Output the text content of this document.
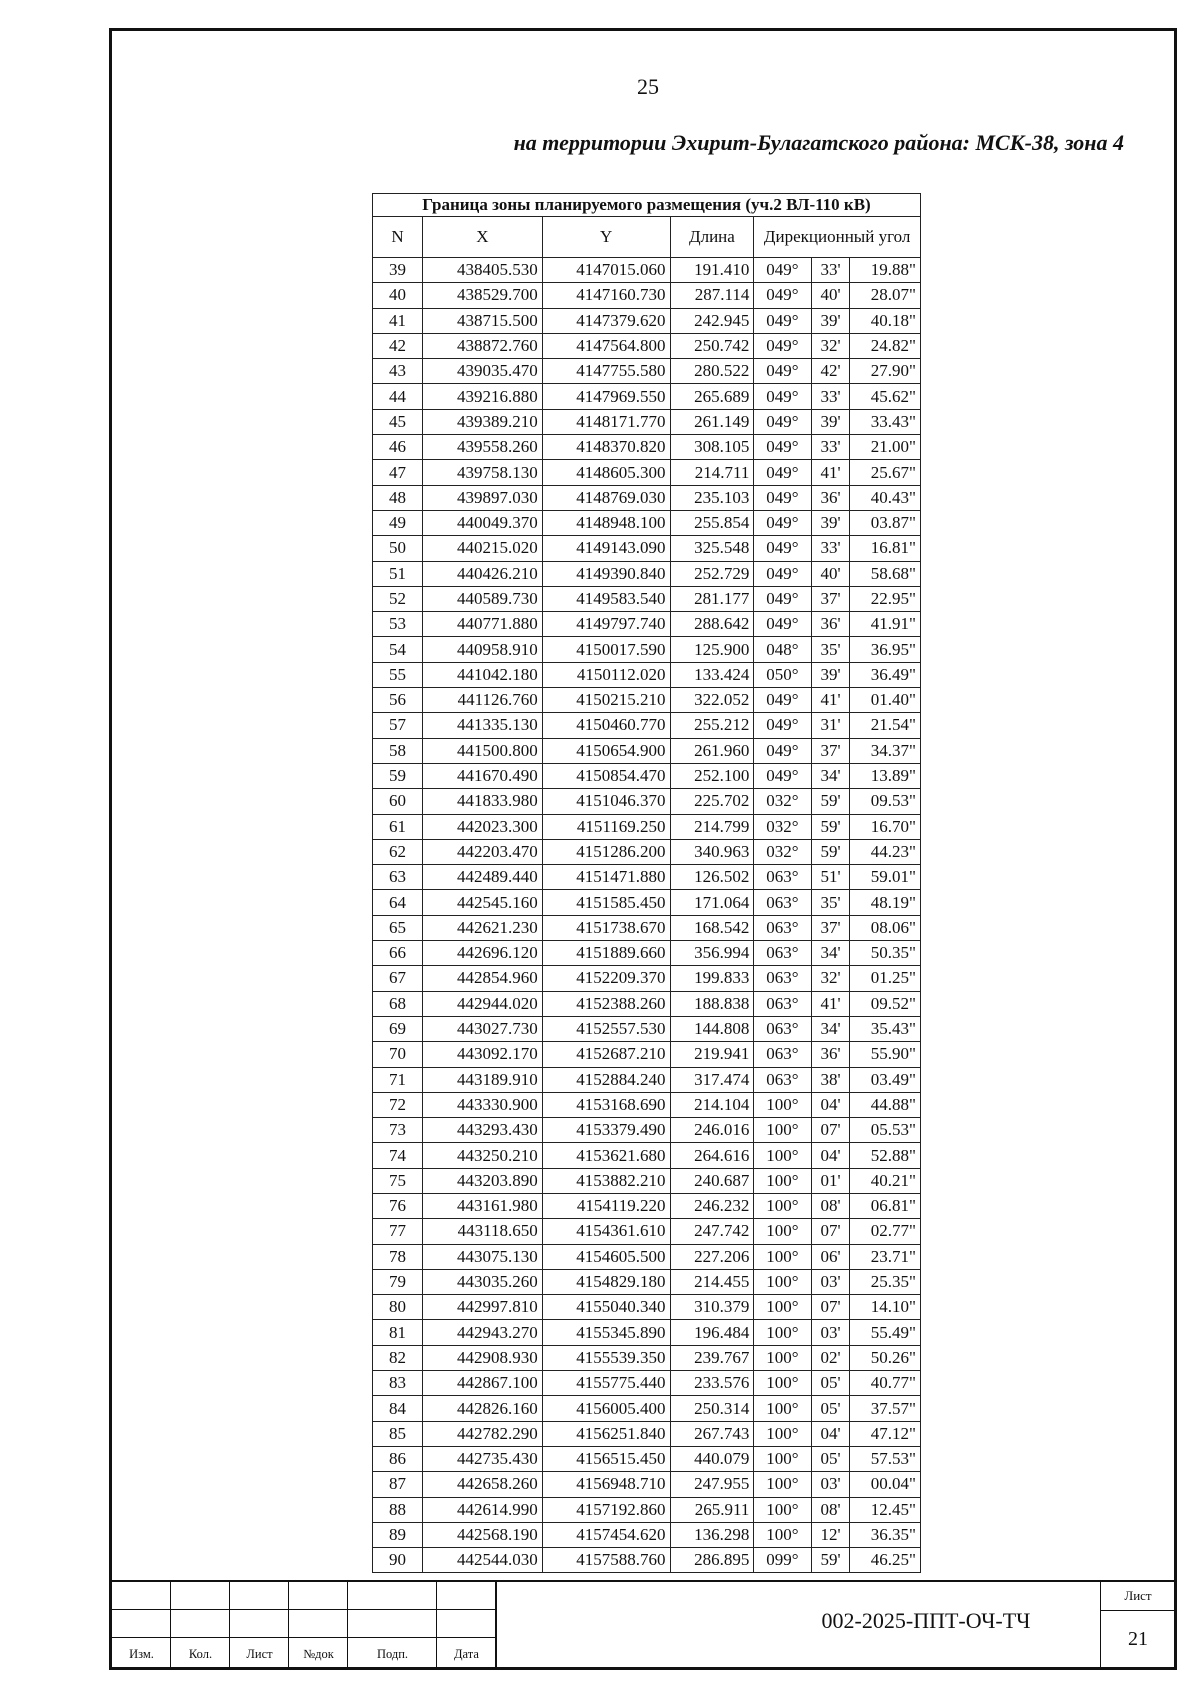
25
на территории Эхирит-Булагатского района: МСК-38, зона 4
Граница зоны планируемого размещения (уч.2 ВЛ-110 кВ)						
N	X	Y	Длина	Дирекционный угол		
39	438405.530	4147015.060	191.410	049°	33'	19.88"
40	438529.700	4147160.730	287.114	049°	40'	28.07"
41	438715.500	4147379.620	242.945	049°	39'	40.18"
42	438872.760	4147564.800	250.742	049°	32'	24.82"
43	439035.470	4147755.580	280.522	049°	42'	27.90"
44	439216.880	4147969.550	265.689	049°	33'	45.62"
45	439389.210	4148171.770	261.149	049°	39'	33.43"
46	439558.260	4148370.820	308.105	049°	33'	21.00"
47	439758.130	4148605.300	214.711	049°	41'	25.67"
48	439897.030	4148769.030	235.103	049°	36'	40.43"
49	440049.370	4148948.100	255.854	049°	39'	03.87"
50	440215.020	4149143.090	325.548	049°	33'	16.81"
51	440426.210	4149390.840	252.729	049°	40'	58.68"
52	440589.730	4149583.540	281.177	049°	37'	22.95"
53	440771.880	4149797.740	288.642	049°	36'	41.91"
54	440958.910	4150017.590	125.900	048°	35'	36.95"
55	441042.180	4150112.020	133.424	050°	39'	36.49"
56	441126.760	4150215.210	322.052	049°	41'	01.40"
57	441335.130	4150460.770	255.212	049°	31'	21.54"
58	441500.800	4150654.900	261.960	049°	37'	34.37"
59	441670.490	4150854.470	252.100	049°	34'	13.89"
60	441833.980	4151046.370	225.702	032°	59'	09.53"
61	442023.300	4151169.250	214.799	032°	59'	16.70"
62	442203.470	4151286.200	340.963	032°	59'	44.23"
63	442489.440	4151471.880	126.502	063°	51'	59.01"
64	442545.160	4151585.450	171.064	063°	35'	48.19"
65	442621.230	4151738.670	168.542	063°	37'	08.06"
66	442696.120	4151889.660	356.994	063°	34'	50.35"
67	442854.960	4152209.370	199.833	063°	32'	01.25"
68	442944.020	4152388.260	188.838	063°	41'	09.52"
69	443027.730	4152557.530	144.808	063°	34'	35.43"
70	443092.170	4152687.210	219.941	063°	36'	55.90"
71	443189.910	4152884.240	317.474	063°	38'	03.49"
72	443330.900	4153168.690	214.104	100°	04'	44.88"
73	443293.430	4153379.490	246.016	100°	07'	05.53"
74	443250.210	4153621.680	264.616	100°	04'	52.88"
75	443203.890	4153882.210	240.687	100°	01'	40.21"
76	443161.980	4154119.220	246.232	100°	08'	06.81"
77	443118.650	4154361.610	247.742	100°	07'	02.77"
78	443075.130	4154605.500	227.206	100°	06'	23.71"
79	443035.260	4154829.180	214.455	100°	03'	25.35"
80	442997.810	4155040.340	310.379	100°	07'	14.10"
81	442943.270	4155345.890	196.484	100°	03'	55.49"
82	442908.930	4155539.350	239.767	100°	02'	50.26"
83	442867.100	4155775.440	233.576	100°	05'	40.77"
84	442826.160	4156005.400	250.314	100°	05'	37.57"
85	442782.290	4156251.840	267.743	100°	04'	47.12"
86	442735.430	4156515.450	440.079	100°	05'	57.53"
87	442658.260	4156948.710	247.955	100°	03'	00.04"
88	442614.990	4157192.860	265.911	100°	08'	12.45"
89	442568.190	4157454.620	136.298	100°	12'	36.35"
90	442544.030	4157588.760	286.895	099°	59'	46.25"
Изм.	Кол.	Лист	№док	Подп.	Дата
002-2025-ППТ-ОЧ-ТЧ
Лист
21
